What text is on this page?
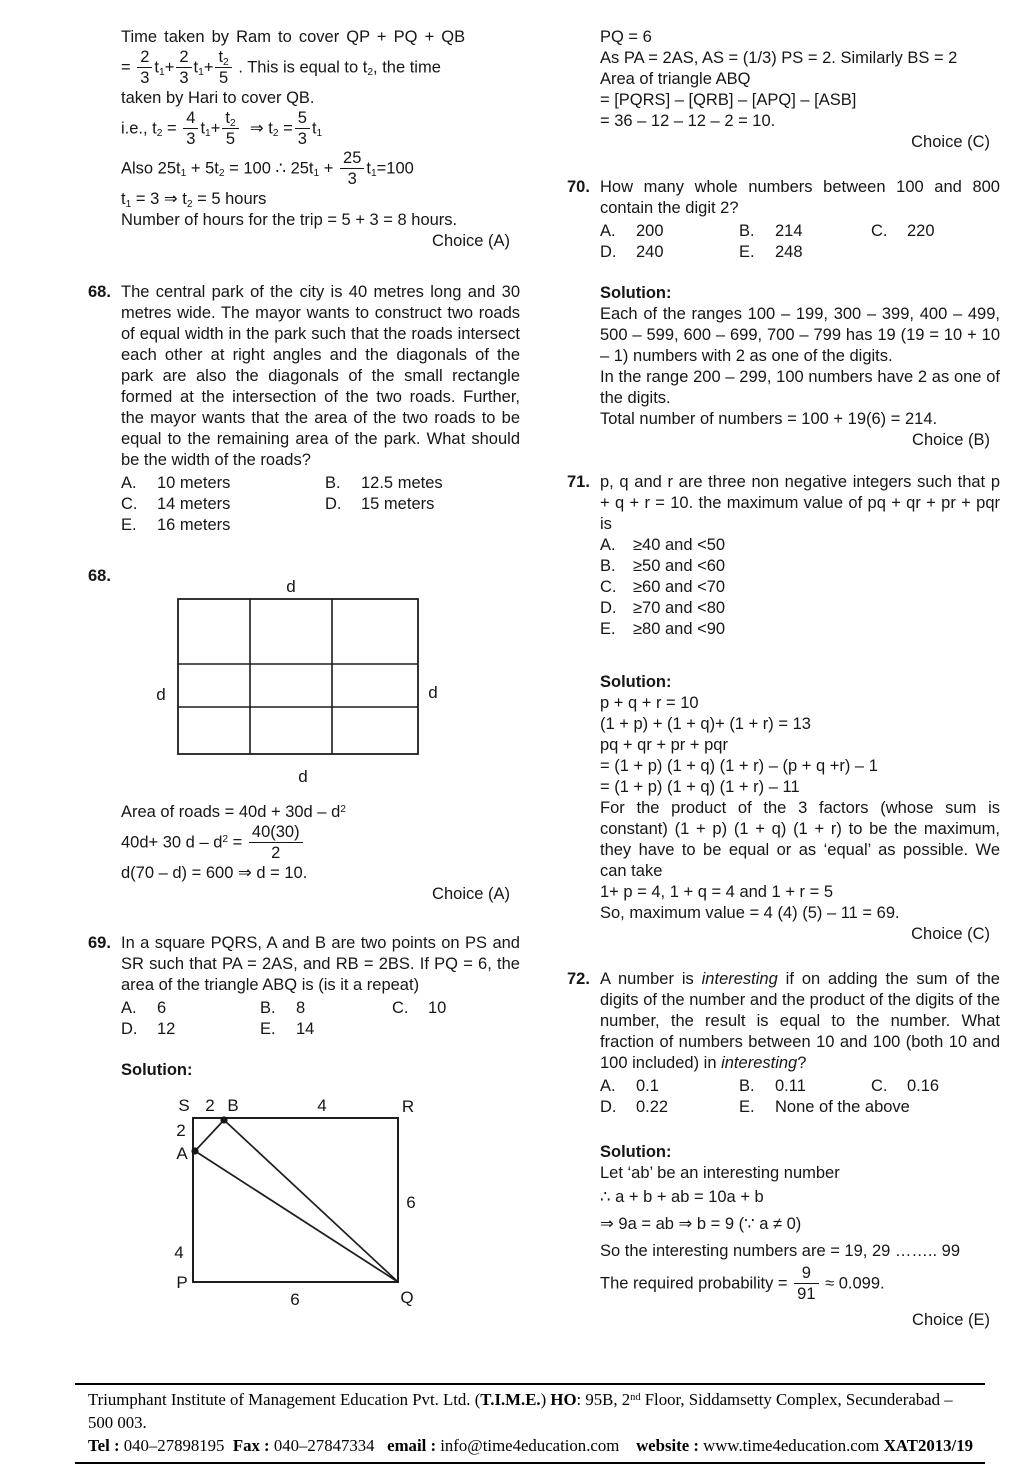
Time taken by Ram to cover QP + PQ + QB
= $\frac{2}{3} t_1+ \frac{2}{3} t_1+ \frac{t_2}{5}$ . This is equal to $t_2$, the time
taken by Hari to cover QB.
i.e., $t_2 = \frac{4}{3} t_1+ \frac{t_2}{5}$ ⇒ $t_2 = \frac{5}{3} t_1$
Also $25t_1 + 5t_2 = 100$ ∴ $25t_1 + \frac{25}{3} t_1=100$
$t_1 = 3$ ⇒ $t_2 = 5$ hours
Number of hours for the trip = 5 + 3 = 8 hours.
Choice (A)
68. The central park of the city is 40 metres long and 30 metres wide. The mayor wants to construct two roads of equal width in the park such that the roads intersect each other at right angles and the diagonals of the park are also the diagonals of the small rectangle formed at the intersection of the two roads. Further, the mayor wants that the area of the two roads to be equal to the remaining area of the park. What should be the width of the roads?
A.	10 meters	B.	12.5 metes
C.	14 meters	D.	15 meters
E.	16 meters
68.
d
d	d
d
Area of roads = $40d + 30d - d^2$
40d+ 30 $d - d^2 = \frac{40(30)}{2}$
d(70 – d) = 600 ⇒ d = 10.
Choice (A)
69. In a square PQRS, A and B are two points on PS and SR such that PA = 2AS, and RB = 2BS. If PQ = 6, the area of the triangle ABQ is (is it a repeat)
A.	6	B.	8	C.	10
D.	12	E.	14
Solution:
S 2 B	4	R
2
A
4
6
P
6	Q
PQ = 6
As PA = 2AS, AS = (1/3) PS = 2. Similarly BS = 2
Area of triangle ABQ
= [PQRS] – [QRB] – [APQ] – [ASB]
= 36 – 12 – 12 – 2 = 10.
Choice (C)
70. How many whole numbers between 100 and 800 contain the digit 2?
A.	200	B.	214	C.	220
D.	240	E.	248
Solution:
Each of the ranges 100 – 199, 300 – 399, 400 – 499, 500 – 599, 600 – 699, 700 – 799 has 19 (19 = 10 + 10 – 1) numbers with 2 as one of the digits.
In the range 200 – 299, 100 numbers have 2 as one of the digits.
Total number of numbers = 100 + 19(6) = 214.
Choice (B)
71. p, q and r are three non negative integers such that p + q + r = 10. the maximum value of pq + qr + pr + pqr is
A.	≥40 and <50
B.	≥50 and <60
C.	≥60 and <70
D.	≥70 and <80
E.	≥80 and <90
Solution:
p + q + r = 10
(1 + p) + (1 + q)+ (1 + r) = 13
pq + qr + pr + pqr
= (1 + p) (1 + q) (1 + r) – (p + q +r) – 1
= (1 + p) (1 + q) (1 + r) – 11
For the product of the 3 factors (whose sum is constant) (1 + p) (1 + q) (1 + r) to be the maximum, they have to be equal or as ‘equal’ as possible. We can take
1+ p = 4, 1 + q = 4 and 1 + r = 5
So, maximum value = 4 (4) (5) – 11 = 69.
Choice (C)
72. A number is interesting if on adding the sum of the digits of the number and the product of the digits of the number, the result is equal to the number. What fraction of numbers between 10 and 100 (both 10 and 100 included) in interesting?
A.	0.1	B.	0.11	C.	0.16
D.	0.22	E.	None of the above
Solution:
Let ‘ab’ be an interesting number
∴ a + b + ab = 10a + b
⇒ 9a = ab ⇒ b = 9 (∵ a ≠ 0)
So the interesting numbers are = 19, 29 …….. 99
The required probability = $\frac{9}{91} \approx 0.099$.
Choice (E)
Triumphant Institute of Management Education Pvt. Ltd. (T.I.M.E.) HO: 95B, 2nd Floor, Siddamsetty Complex, Secunderabad – 500 003.
Tel : 040–27898195  Fax : 040–27847334   email : info@time4education.com    website : www.time4education.com XAT2013/19
